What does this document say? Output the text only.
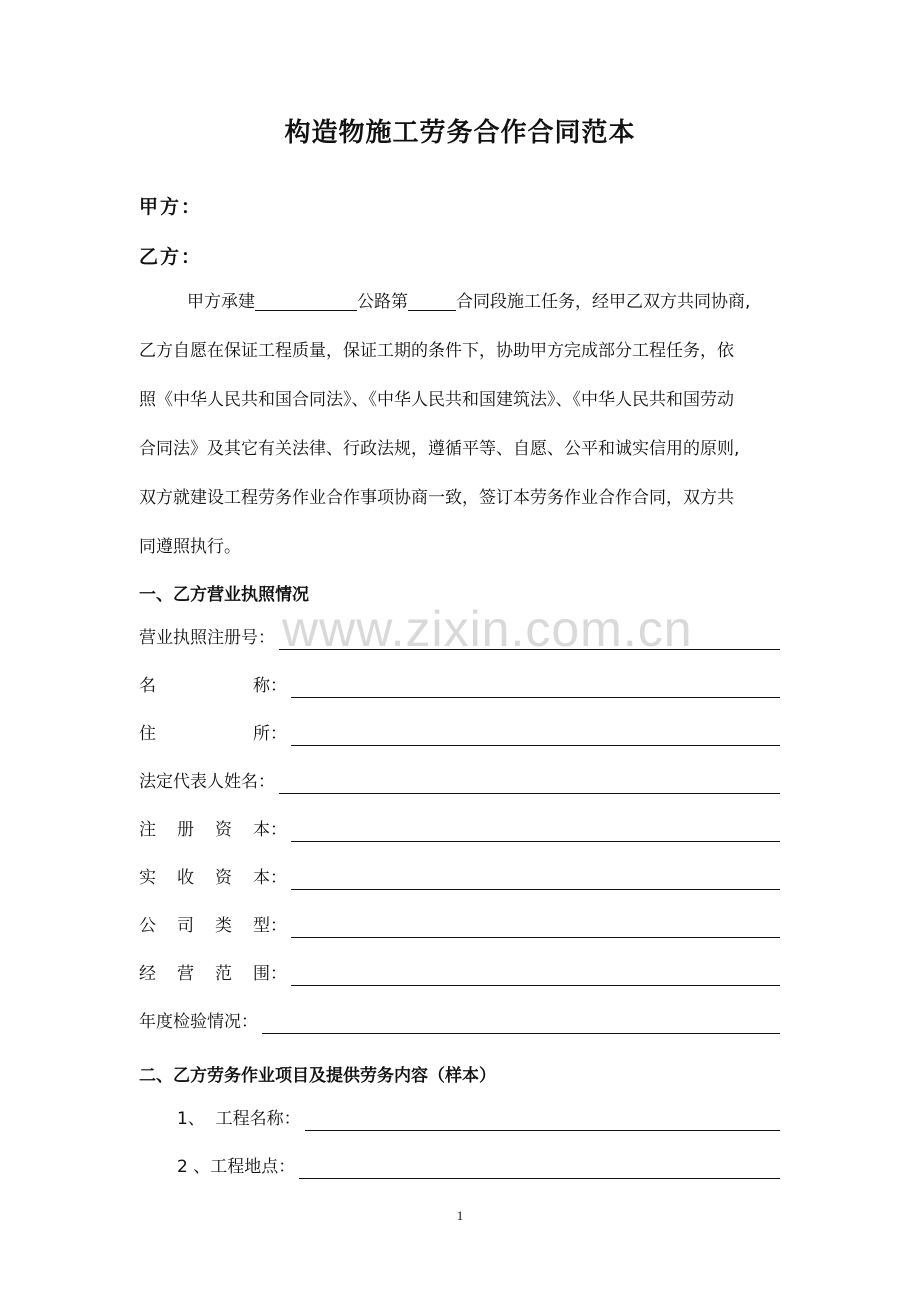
www.zixin.com.cn
构造物施工劳务合作合同范本
甲方：
乙方：
甲方承建	公路第	合同段施工任务，经甲乙双方共同协商,
乙方自愿在保证工程质量，保证工期的条件下，协助甲方完成部分工程任务，依
照《中华人民共和国合同法》、《中华人民共和国建筑法》、《中华人民共和国劳动
合同法》及其它有关法律、行政法规，遵循平等、自愿、公平和诚实信用的原则,
双方就建设工程劳务作业合作事项协商一致，签订本劳务作业合作合同，双方共
同遵照执行。
一、乙方营业执照情况
营业执照注册号 ：
名	称 ：
住	所 ：
法定代表人姓名 ：
注 册 资 本 ：
实 收 资 本 ：
公 司 类 型 ：
经 营 范 围 ：
年度检验情况 ：
二、乙方劳务作业项目及提供劳务内容（样本）
1、 工程名称 ：
2 、 工程地点 ：
1
